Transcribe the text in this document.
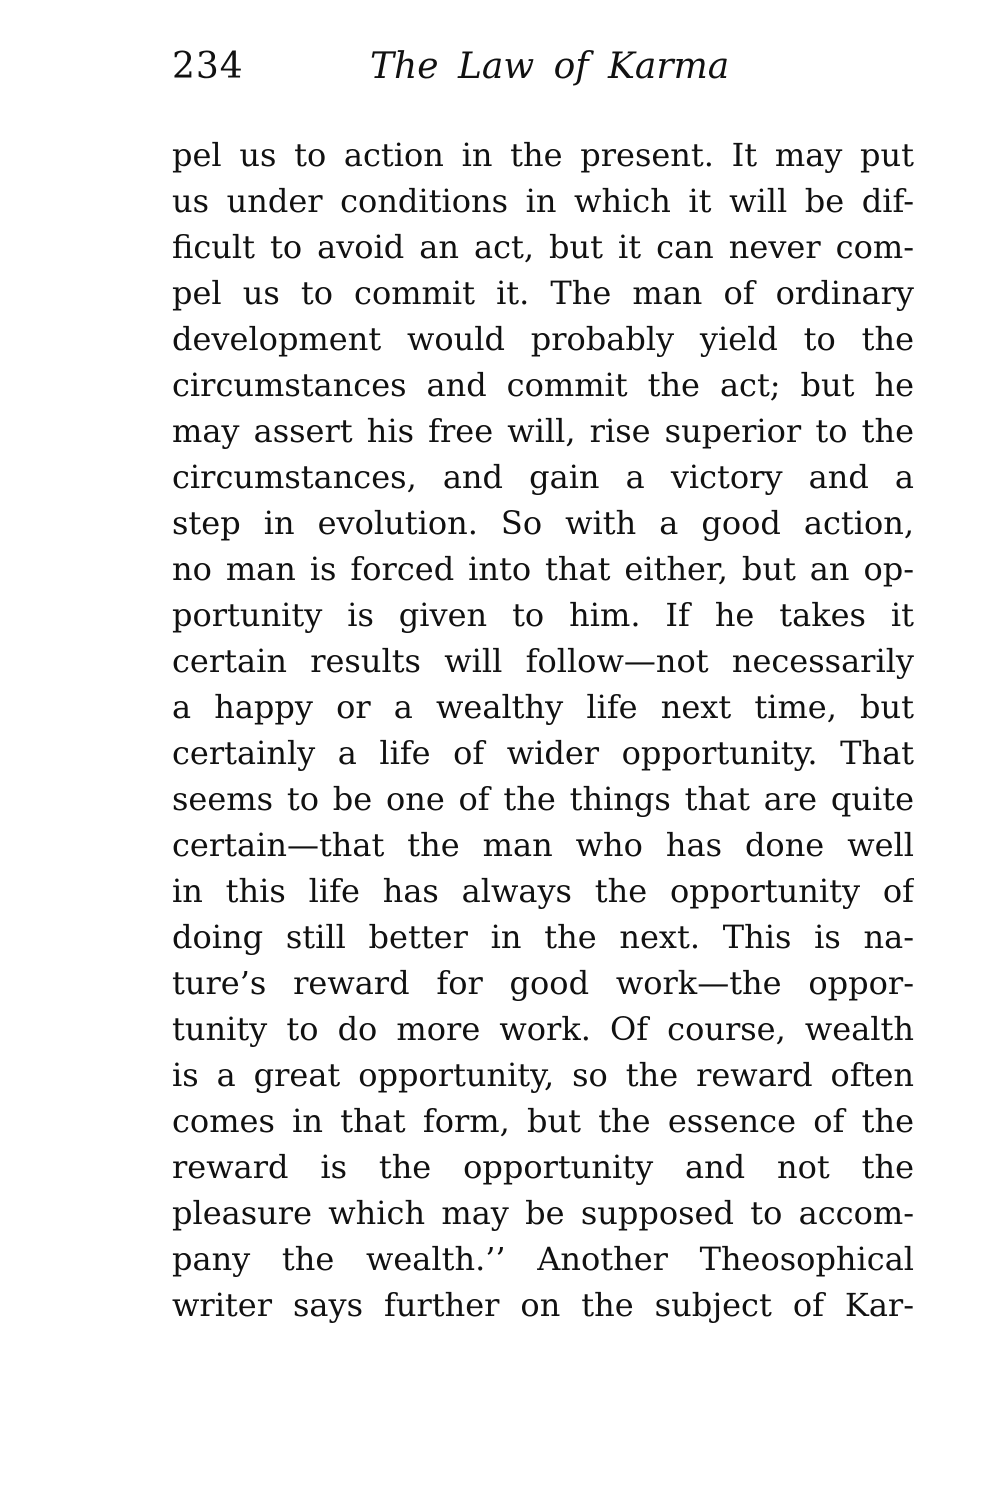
234	The Law of Karma
pel us to action in the present. It may put
us under conditions in which it will be dif-
ficult to avoid an act, but it can never com-
pel us to commit it. The man of ordinary
development would probably yield to the
circumstances and commit the act; but he
may assert his free will, rise superior to the
circumstances, and gain a victory and a
step in evolution. So with a good action,
no man is forced into that either, but an op-
portunity is given to him. If he takes it
certain results will follow—not necessarily
a happy or a wealthy life next time, but
certainly a life of wider opportunity. That
seems to be one of the things that are quite
certain—that the man who has done well
in this life has always the opportunity of
doing still better in the next. This is na-
ture’s reward for good work—the oppor-
tunity to do more work. Of course, wealth
is a great opportunity, so the reward often
comes in that form, but the essence of the
reward is the opportunity and not the
pleasure which may be supposed to accom-
pany the wealth.’’ Another Theosophical
writer says further on the subject of Kar-
